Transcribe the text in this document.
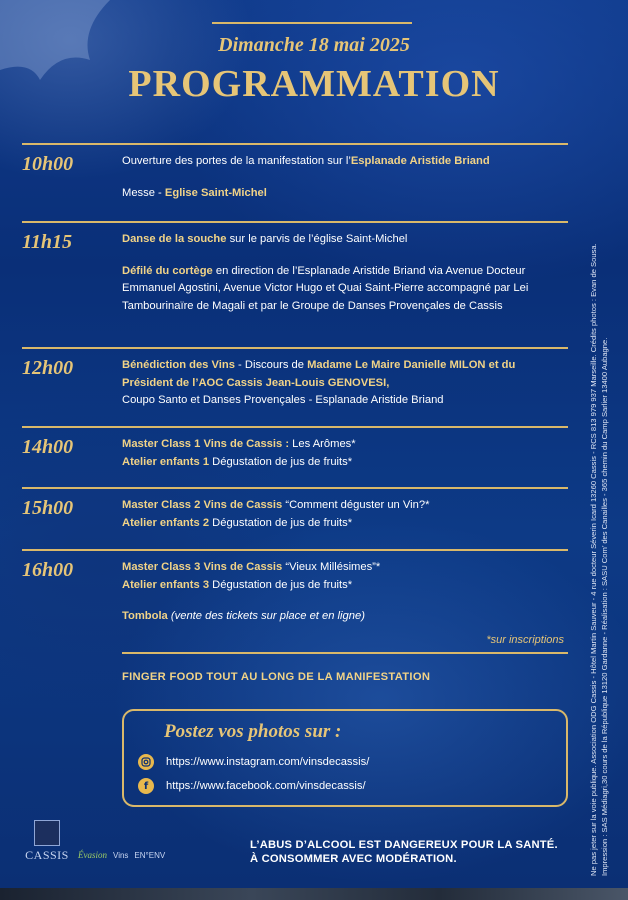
Dimanche 18 mai 2025
PROGRAMMATION
10h00	Ouverture des portes de la manifestation sur l’Esplanade Aristide Briand

Messe - Eglise Saint-Michel

11h15	Danse de la souche sur le parvis de l’église Saint-Michel

Défilé du cortège en direction de l’Esplanade Aristide Briand via Avenue Docteur Emmanuel Agostini, Avenue Victor Hugo et Quai Saint-Pierre accompagné par Lei Tambourinaïre de Magali et par le Groupe de Danses Provençales de Cassis

12h00	Bénédiction des Vins - Discours de Madame Le Maire Danielle MILON et du Président de l’AOC Cassis Jean-Louis GENOVESI,

Coupo Santo et Danses Provençales - Esplanade Aristide Briand

14h00	Master Class 1 Vins de Cassis : Les Arômes*

Atelier enfants 1 Dégustation de jus de fruits*

15h00	Master Class 2 Vins de Cassis “Comment déguster un Vin?*

Atelier enfants 2 Dégustation de jus de fruits*

16h00	Master Class 3 Vins de Cassis “Vieux Millésimes”*

Atelier enfants 3 Dégustation de jus de fruits*

Tombola (vente des tickets sur place et en ligne)

*sur inscriptions
FINGER FOOD TOUT AU LONG DE LA MANIFESTATION
Postez vos photos sur :
https://www.instagram.com/vinsdecassis/
f	https://www.facebook.com/vinsdecassis/
CASSIS	Évasion Vins EN°ENV
L’ABUS D’ALCOOL EST DANGEREUX POUR LA SANTÉ.
À CONSOMMER AVEC MODÉRATION.	Ne pas jeter sur la voie publique. Association ODG Cassis - Hôtel Martin Sauveur - 4 rue docteur Séverin Icard 13260 Cassis - RCS 813 979 937 Marseille. Crédits photos : Evan de Sousa. Impression : SAS Médiagri,30 cours de la République 13120 Gardanne - Réalisation : SASU Com’ des Canailles - 365 chemin du Camp Sarlier 13400 Aubagne.
